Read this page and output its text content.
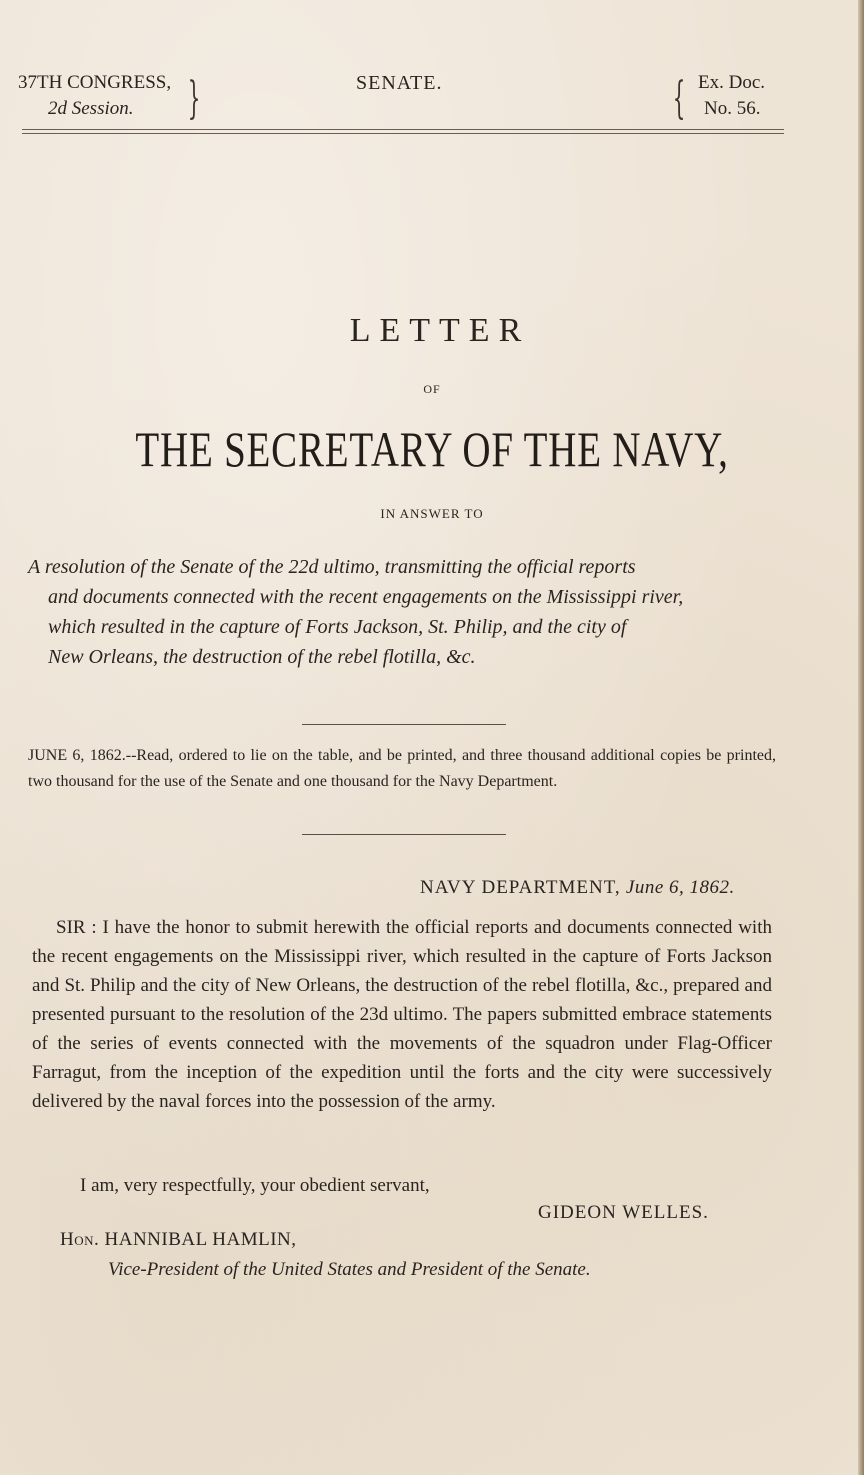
37TH CONGRESS,
2d Session.	}	SENATE.	{ Ex. Doc.
No. 56.
LETTER
OF
THE SECRETARY OF THE NAVY,
IN ANSWER TO
A resolution of the Senate of the 22d ultimo, transmitting the official reports
and documents connected with the recent engagements on the Mississippi river,
which resulted in the capture of Forts Jackson, St. Philip, and the city of
New Orleans, the destruction of the rebel flotilla, &c.
JUNE 6, 1862.--Read, ordered to lie on the table, and be printed, and three thousand additional copies be printed, two thousand for the use of the Senate and one thousand for the Navy Department.
NAVY DEPARTMENT, June 6, 1862.
SIR : I have the honor to submit herewith the official reports and documents connected with the recent engagements on the Mississippi river, which resulted in the capture of Forts Jackson and St. Philip and the city of New Orleans, the destruction of the rebel flotilla, &c., prepared and presented pursuant to the resolution of the 23d ultimo. The papers submitted embrace statements of the series of events connected with the movements of the squadron under Flag-Officer Farragut, from the inception of the expedition until the forts and the city were successively delivered by the naval forces into the possession of the army.
I am, very respectfully, your obedient servant,
GIDEON WELLES.
Hon. HANNIBAL HAMLIN,
Vice-President of the United States and President of the Senate.
